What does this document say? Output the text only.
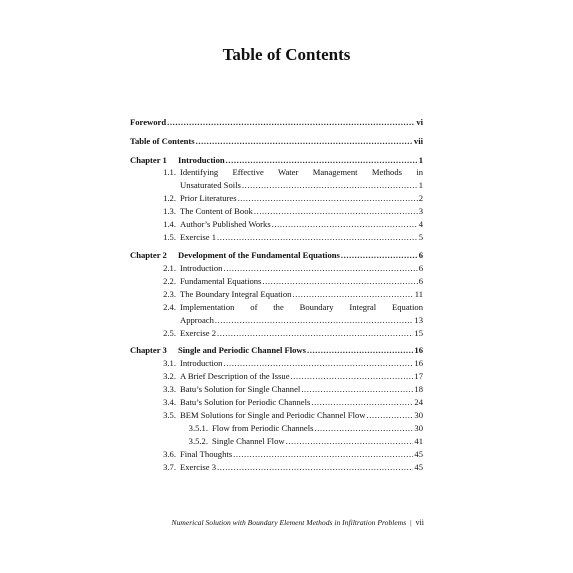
Table of Contents
Foreword .....	vi
Table of Contents .....	vii
Chapter 1	Introduction .....	1
1.1. Identifying Effective Water Management Methods in
Unsaturated Soils .....	1
1.2. Prior Literatures .....	2
1.3. The Content of Book .....	3
1.4. Author’s Published Works .....	4
1.5. Exercise 1 .....	5
Chapter 2	Development of the Fundamental Equations .....	6
2.1. Introduction .....	6
2.2. Fundamental Equations .....	6
2.3. The Boundary Integral Equation .....	11
2.4. Implementation of the Boundary Integral Equation
Approach .....	13
2.5. Exercise 2 .....	15
Chapter 3	Single and Periodic Channel Flows .....	16
3.1. Introduction .....	16
3.2. A Brief Description of the Issue .....	17
3.3. Batu’s Solution for Single Channel .....	18
3.4. Batu’s Solution for Periodic Channels .....	24
3.5. BEM Solutions for Single and Periodic Channel Flow .....	30
3.5.1. Flow from Periodic Channels .....	30
3.5.2. Single Channel Flow .....	41
3.6. Final Thoughts .....	45
3.7. Exercise 3 .....	45
Numerical Solution with Boundary Element Methods in Infiltration Problems | vii
